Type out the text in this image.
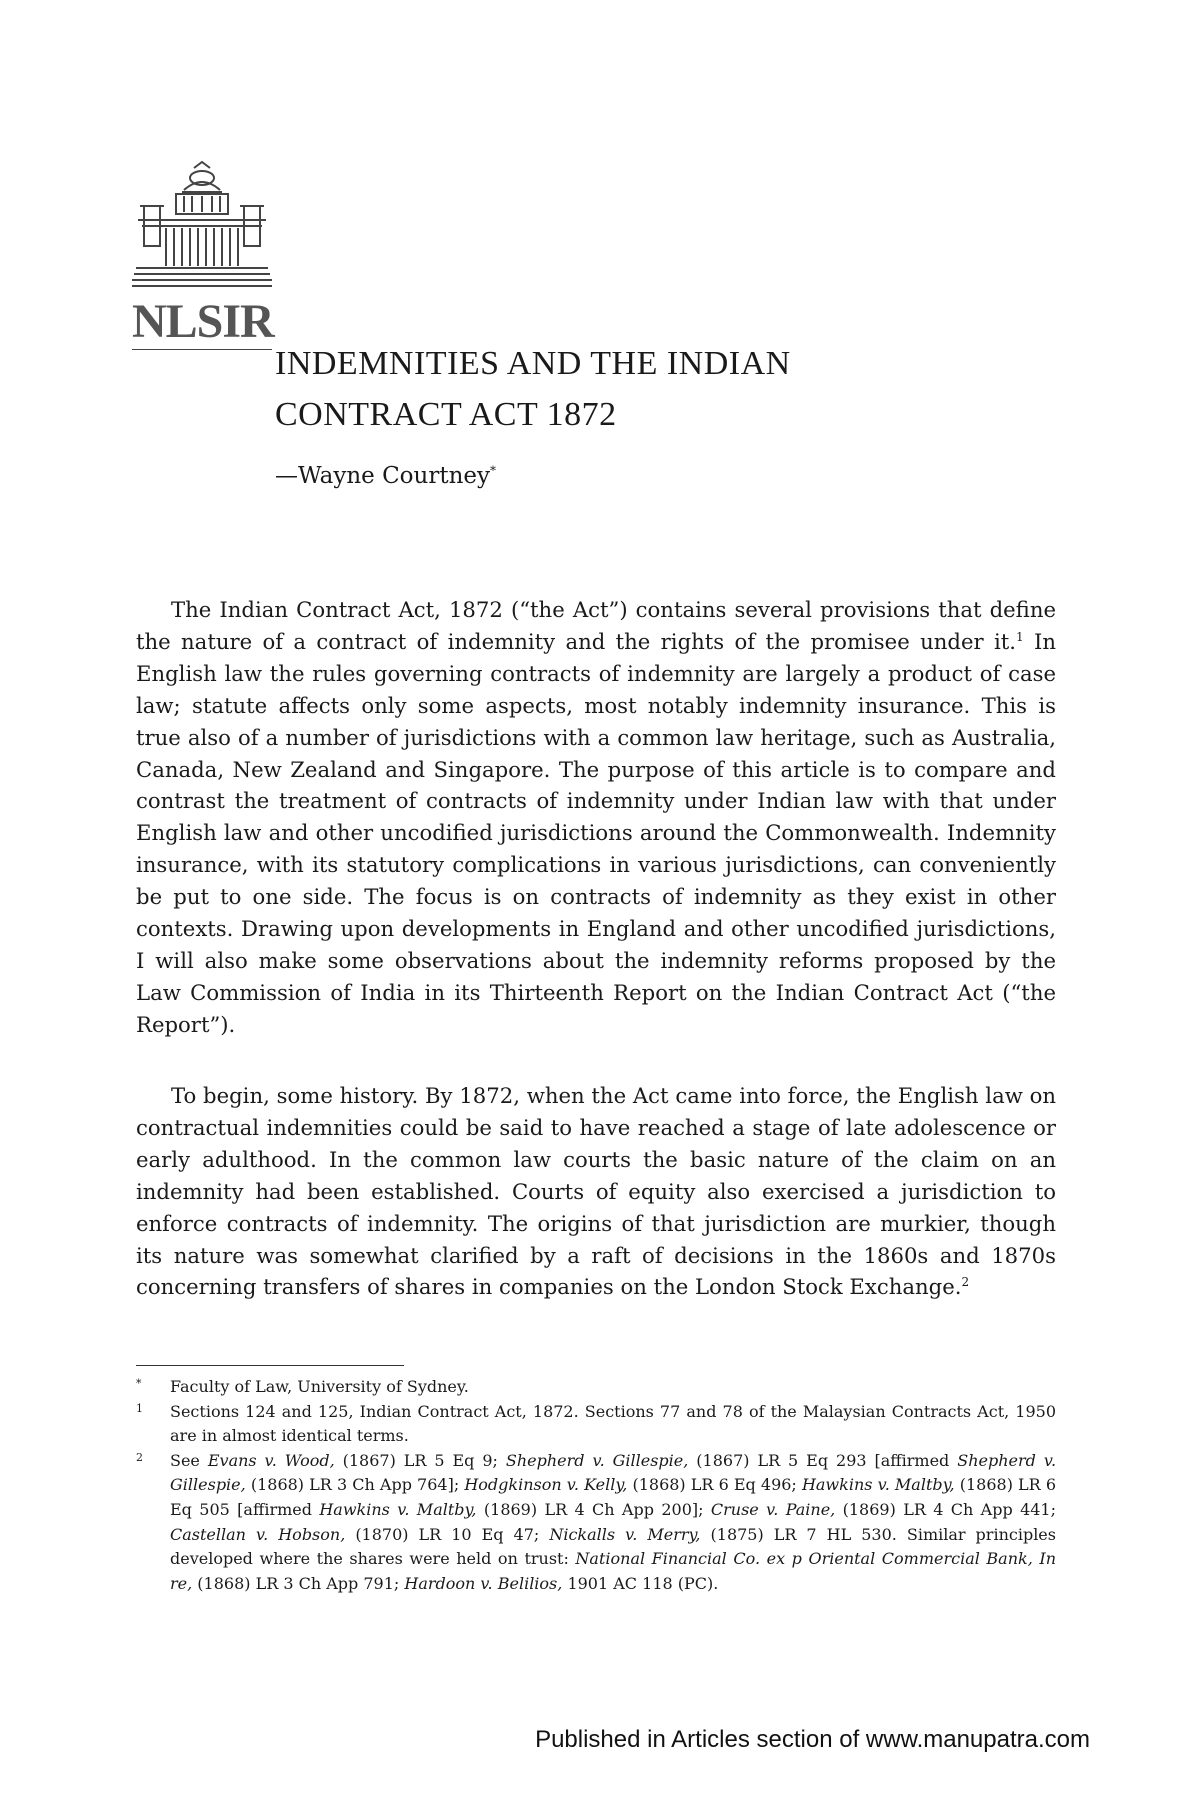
NLSIR
INDEMNITIES AND THE INDIAN
CONTRACT ACT 1872
—Wayne Courtney*

The Indian Contract Act, 1872 (“the Act”) contains several provisions that define the nature of a contract of indemnity and the rights of the promisee under it.$^1$ In English law the rules governing contracts of indemnity are largely a product of case law; statute affects only some aspects, most notably indemnity insurance. This is true also of a number of jurisdictions with a common law heritage, such as Australia, Canada, New Zealand and Singapore. The purpose of this article is to compare and contrast the treatment of contracts of indemnity under Indian law with that under English law and other uncodified jurisdictions around the Commonwealth. Indemnity insurance, with its statutory complications in various jurisdictions, can conveniently be put to one side. The focus is on contracts of indemnity as they exist in other contexts. Drawing upon developments in England and other uncodified jurisdictions, I will also make some observations about the indemnity reforms proposed by the Law Commission of India in its Thirteenth Report on the Indian Contract Act (“the Report”).

To begin, some history. By 1872, when the Act came into force, the English law on contractual indemnities could be said to have reached a stage of late adolescence or early adulthood. In the common law courts the basic nature of the claim on an indemnity had been established. Courts of equity also exercised a jurisdiction to enforce contracts of indemnity. The origins of that jurisdiction are murkier, though its nature was somewhat clarified by a raft of decisions in the 1860s and 1870s concerning transfers of shares in companies on the London Stock Exchange.$^2$

* Faculty of Law, University of Sydney.
1 Sections 124 and 125, Indian Contract Act, 1872. Sections 77 and 78 of the Malaysian Contracts Act, 1950 are in almost identical terms.
2 See Evans v. Wood, (1867) LR 5 Eq 9; Shepherd v. Gillespie, (1867) LR 5 Eq 293 [affirmed Shepherd v. Gillespie, (1868) LR 3 Ch App 764]; Hodgkinson v. Kelly, (1868) LR 6 Eq 496; Hawkins v. Maltby, (1868) LR 6 Eq 505 [affirmed Hawkins v. Maltby, (1869) LR 4 Ch App 200]; Cruse v. Paine, (1869) LR 4 Ch App 441; Castellan v. Hobson, (1870) LR 10 Eq 47; Nickalls v. Merry, (1875) LR 7 HL 530. Similar principles developed where the shares were held on trust: National Financial Co. ex p Oriental Commercial Bank, In re, (1868) LR 3 Ch App 791; Hardoon v. Belilios, 1901 AC 118 (PC).
Published in Articles section of www.manupatra.com
